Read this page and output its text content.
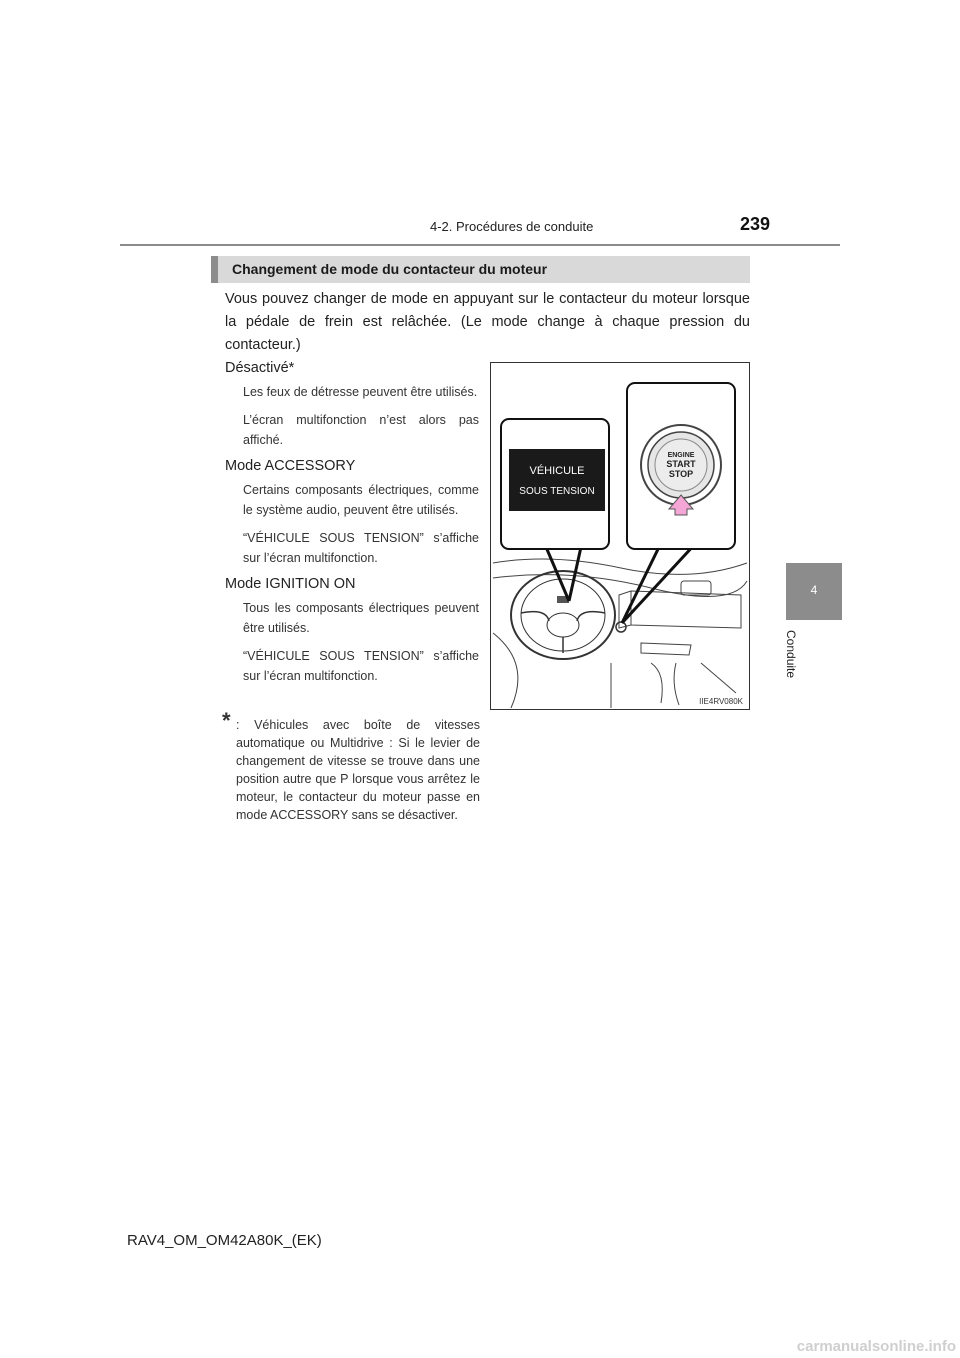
4-2. Procédures de conduite	239
4
Conduite
Changement de mode du contacteur du moteur
Vous pouvez changer de mode en appuyant sur le contacteur du moteur lorsque la pédale de frein est relâchée. (Le mode change à chaque pression du contacteur.)
Désactivé*
Les feux de détresse peuvent être utilisés.
L’écran multifonction n’est alors pas affiché.
Mode ACCESSORY
Certains composants électriques, comme le système audio, peuvent être utilisés.
“VÉHICULE SOUS TENSION” s’affiche sur l’écran multifonction.
Mode IGNITION ON
Tous les composants électriques peuvent être utilisés.
“VÉHICULE SOUS TENSION” s’affiche sur l’écran multifonction.
* : Véhicules avec boîte de vitesses automatique ou Multidrive : Si le levier de changement de vitesse se trouve dans une position autre que P lorsque vous arrêtez le moteur, le contacteur du moteur passe en mode ACCESSORY sans se désactiver.
VÉHICULE
SOUS TENSION
ENGINE
START
STOP
IIE4RV080K
RAV4_OM_OM42A80K_(EK)
carmanualsonline.info
